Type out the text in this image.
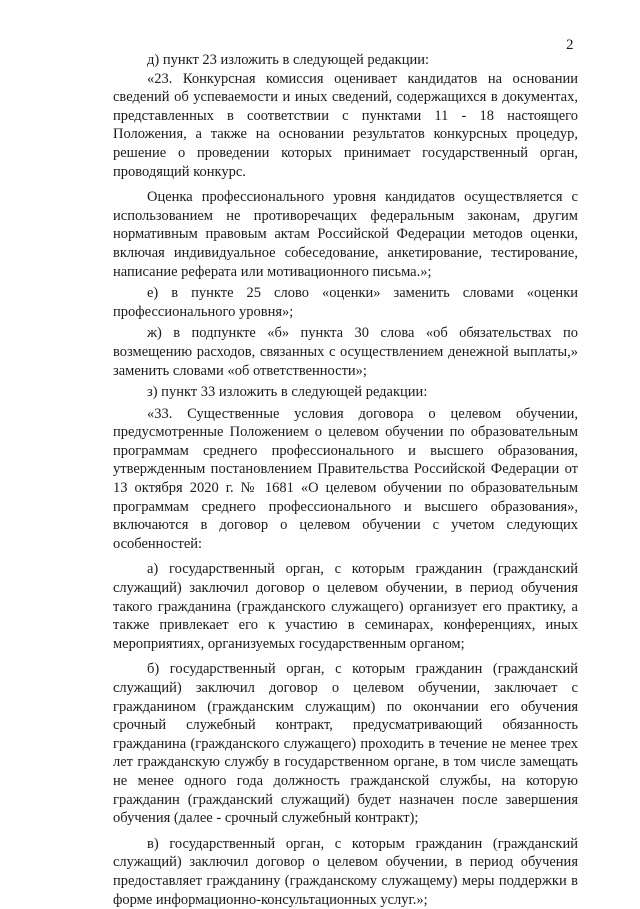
2

д) пункт 23 изложить в следующей редакции:

«23. Конкурсная комиссия оценивает кандидатов на основании сведений об успеваемости и иных сведений, содержащихся в документах, представленных в соответствии с пунктами 11 - 18 настоящего Положения, а также на основании результатов конкурсных процедур, решение о проведении которых принимает государственный орган, проводящий конкурс.

Оценка профессионального уровня кандидатов осуществляется с использованием не противоречащих федеральным законам, другим нормативным правовым актам Российской Федерации методов оценки, включая индивидуальное собеседование, анкетирование, тестирование, написание реферата или мотивационного письма.»;

е) в пункте 25 слово «оценки» заменить словами «оценки профессионального уровня»;

ж) в подпункте «б» пункта 30 слова «об обязательствах по возмещению расходов, связанных с осуществлением денежной выплаты,» заменить словами «об ответственности»;

з) пункт 33 изложить в следующей редакции:

«33. Существенные условия договора о целевом обучении, предусмотренные Положением о целевом обучении по образовательным программам среднего профессионального и высшего образования, утвержденным постановлением Правительства Российской Федерации от 13 октября 2020 г. № 1681 «О целевом обучении по образовательным программам среднего профессионального и высшего образования», включаются в договор о целевом обучении с учетом следующих особенностей:

а) государственный орган, с которым гражданин (гражданский служащий) заключил договор о целевом обучении, в период обучения такого гражданина (гражданского служащего) организует его практику, а также привлекает его к участию в семинарах, конференциях, иных мероприятиях, организуемых государственным органом;

б) государственный орган, с которым гражданин (гражданский служащий) заключил договор о целевом обучении, заключает с гражданином (гражданским служащим) по окончании его обучения срочный служебный контракт, предусматривающий обязанность гражданина (гражданского служащего) проходить в течение не менее трех лет гражданскую службу в государственном органе, в том числе замещать не менее одного года должность гражданской службы, на которую гражданин (гражданский служащий) будет назначен после завершения обучения (далее - срочный служебный контракт);

в) государственный орган, с которым гражданин (гражданский служащий) заключил договор о целевом обучении, в период обучения предоставляет гражданину (гражданскому служащему) меры поддержки в форме информационно-консультационных услуг.»;
